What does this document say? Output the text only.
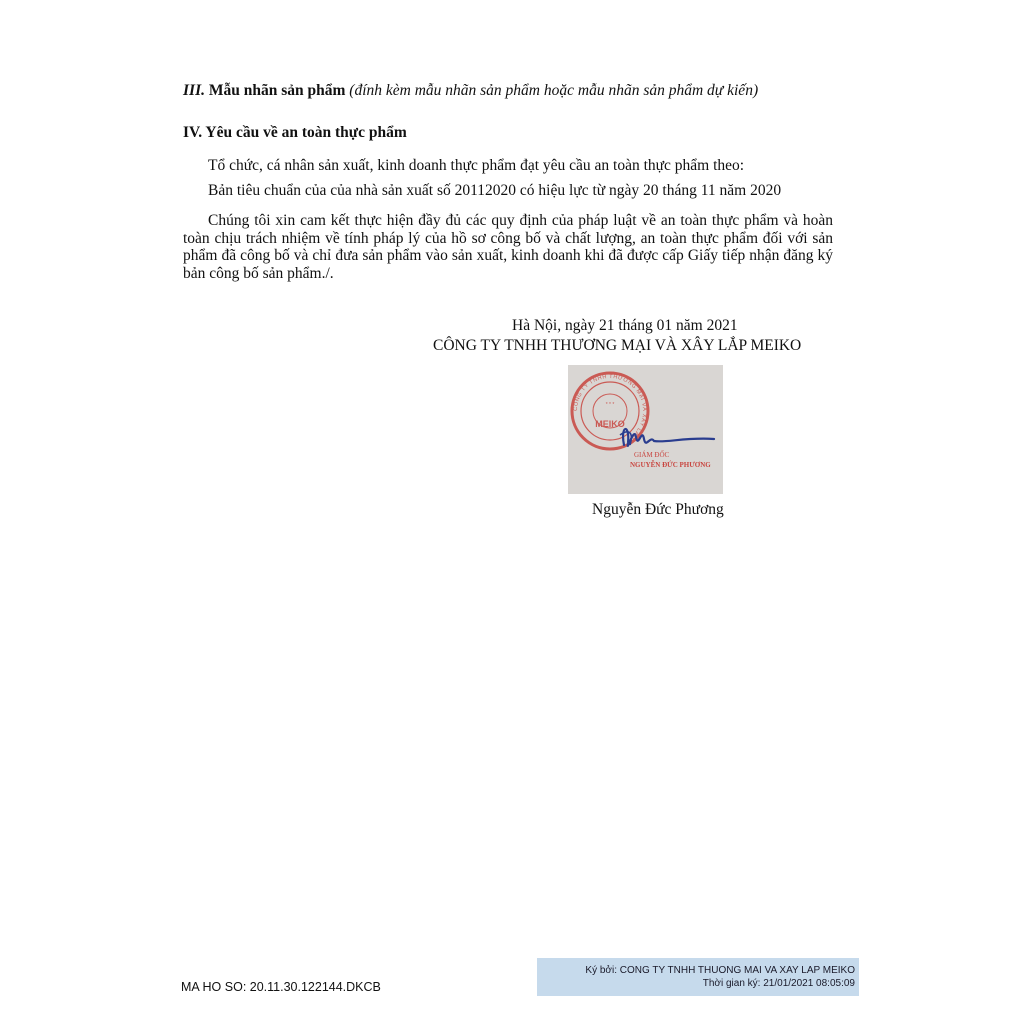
III. Mẫu nhãn sản phẩm (đính kèm mẫu nhãn sản phẩm hoặc mẫu nhãn sản phẩm dự kiến)
IV. Yêu cầu về an toàn thực phẩm
Tổ chức, cá nhân sản xuất, kinh doanh thực phẩm đạt yêu cầu an toàn thực phẩm theo:
Bản tiêu chuẩn của của nhà sản xuất số 20112020 có hiệu lực từ ngày 20 tháng 11 năm 2020
Chúng tôi xin cam kết thực hiện đầy đủ các quy định của pháp luật về an toàn thực phẩm và hoàn toàn chịu trách nhiệm về tính pháp lý của hồ sơ công bố và chất lượng, an toàn thực phẩm đối với sản phẩm đã công bố và chỉ đưa sản phẩm vào sản xuất, kinh doanh khi đã được cấp Giấy tiếp nhận đăng ký bản công bố sản phẩm./.
Hà Nội, ngày 21 tháng 01 năm 2021
CÔNG TY TNHH THƯƠNG MẠI VÀ XÂY LẮP MEIKO
CÔNG TY TNHH THƯƠNG MẠI VÀ XÂY LẮP
* * *
MEIKO
GIÁM ĐỐC
NGUYỄN ĐỨC PHƯƠNG
Nguyễn Đức Phương
MA HO SO: 20.11.30.122144.DKCB
Ký bởi: CONG TY TNHH THUONG MAI VA XAY LAP MEIKO
Thời gian ký: 21/01/2021 08:05:09
